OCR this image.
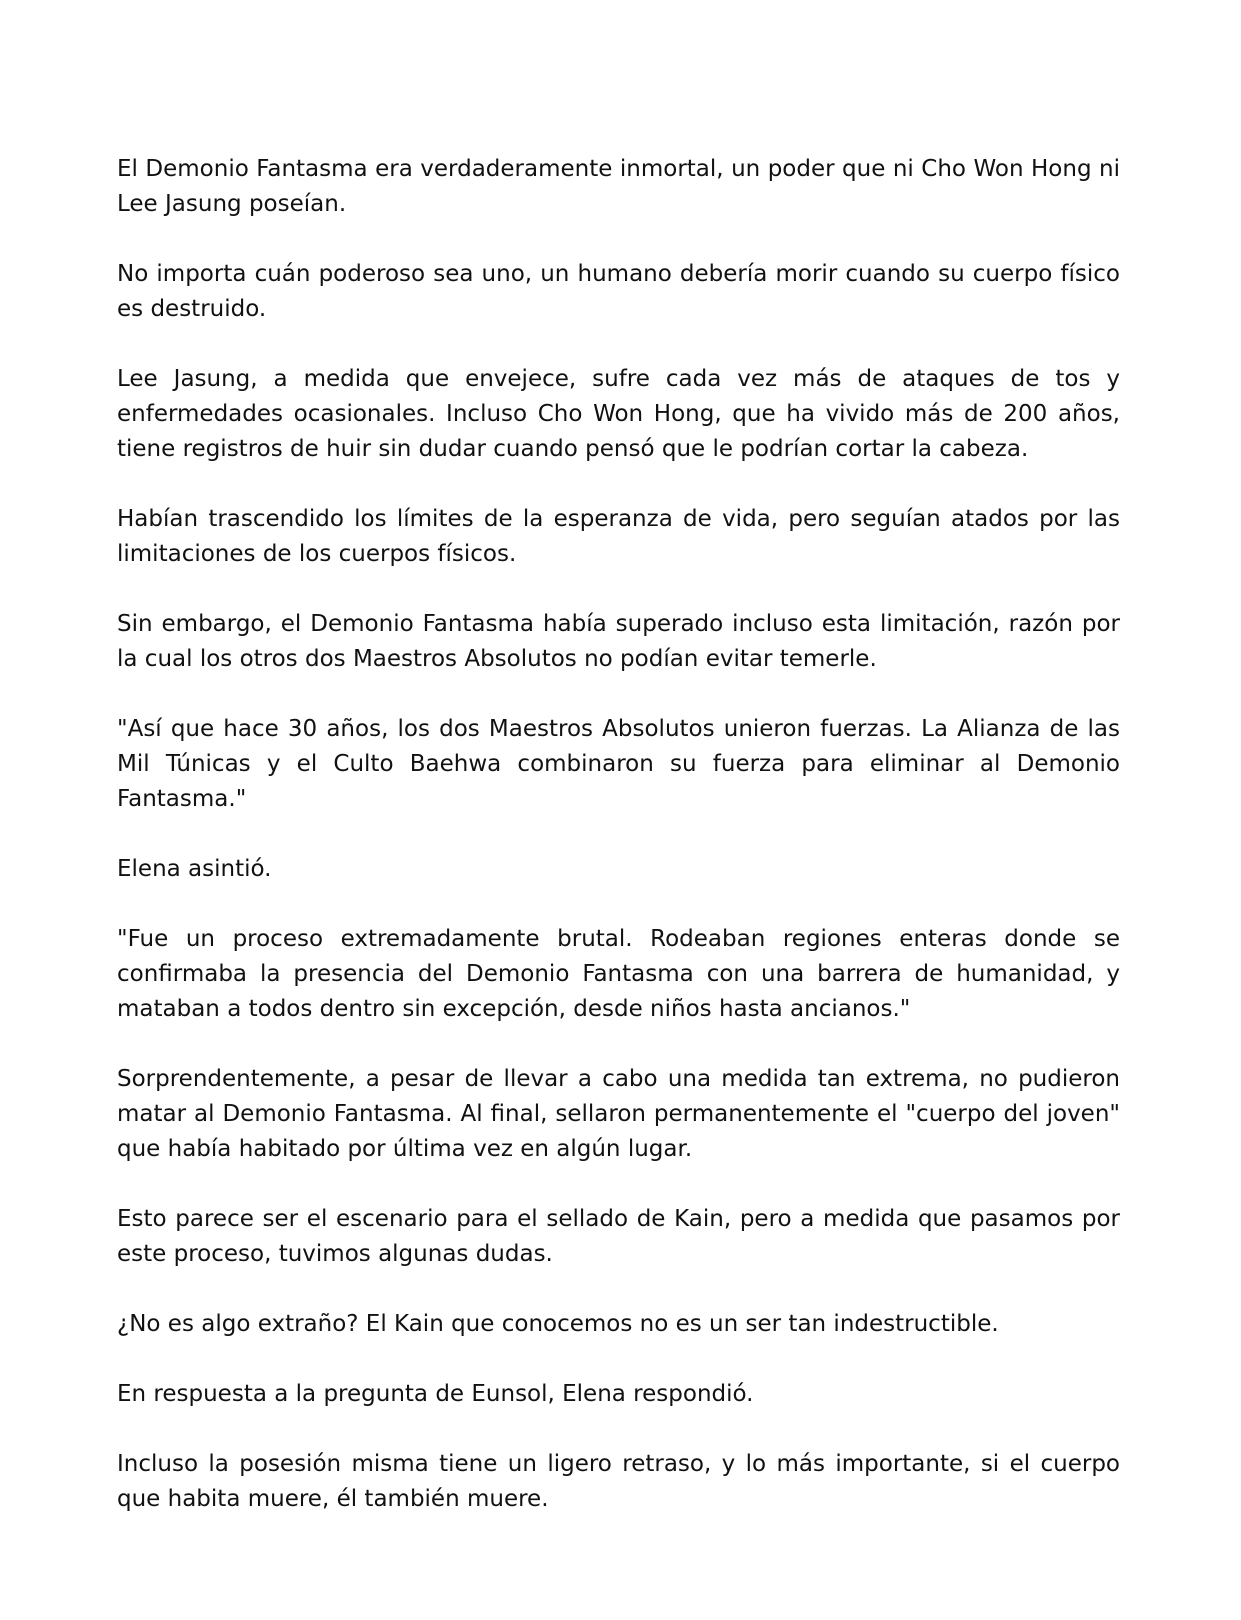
El Demonio Fantasma era verdaderamente inmortal, un poder que ni Cho Won Hong ni Lee Jasung poseían.

No importa cuán poderoso sea uno, un humano debería morir cuando su cuerpo físico es destruido.

Lee Jasung, a medida que envejece, sufre cada vez más de ataques de tos y enfermedades ocasionales. Incluso Cho Won Hong, que ha vivido más de 200 años, tiene registros de huir sin dudar cuando pensó que le podrían cortar la cabeza.

Habían trascendido los límites de la esperanza de vida, pero seguían atados por las limitaciones de los cuerpos físicos.

Sin embargo, el Demonio Fantasma había superado incluso esta limitación, razón por la cual los otros dos Maestros Absolutos no podían evitar temerle.

"Así que hace 30 años, los dos Maestros Absolutos unieron fuerzas. La Alianza de las Mil Túnicas y el Culto Baehwa combinaron su fuerza para eliminar al Demonio Fantasma."

Elena asintió.

"Fue un proceso extremadamente brutal. Rodeaban regiones enteras donde se confirmaba la presencia del Demonio Fantasma con una barrera de humanidad, y mataban a todos dentro sin excepción, desde niños hasta ancianos."

Sorprendentemente, a pesar de llevar a cabo una medida tan extrema, no pudieron matar al Demonio Fantasma. Al final, sellaron permanentemente el "cuerpo del joven" que había habitado por última vez en algún lugar.

Esto parece ser el escenario para el sellado de Kain, pero a medida que pasamos por este proceso, tuvimos algunas dudas.

¿No es algo extraño? El Kain que conocemos no es un ser tan indestructible.

En respuesta a la pregunta de Eunsol, Elena respondió.

Incluso la posesión misma tiene un ligero retraso, y lo más importante, si el cuerpo que habita muere, él también muere.
